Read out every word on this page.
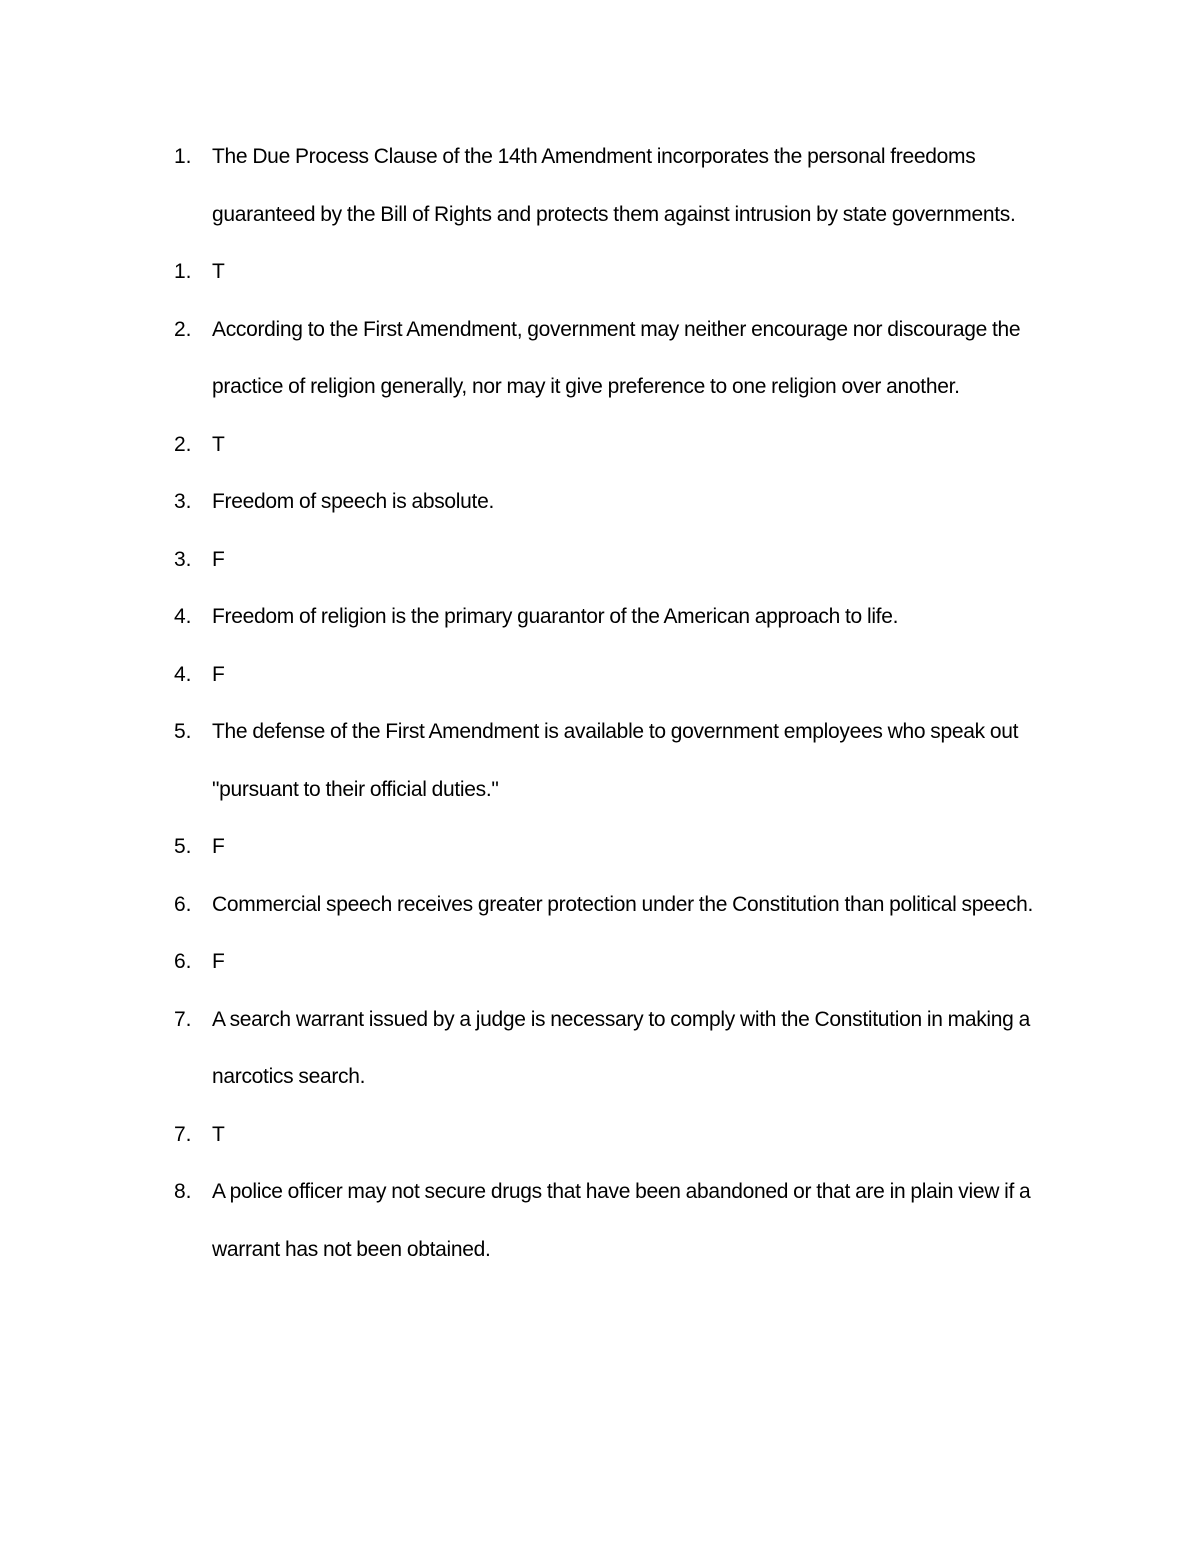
1. The Due Process Clause of the 14th Amendment incorporates the personal freedoms guaranteed by the Bill of Rights and protects them against intrusion by state governments.
1. T
2. According to the First Amendment, government may neither encourage nor discourage the practice of religion generally, nor may it give preference to one religion over another.
2. T
3. Freedom of speech is absolute.
3. F
4. Freedom of religion is the primary guarantor of the American approach to life.
4. F
5. The defense of the First Amendment is available to government employees who speak out "pursuant to their official duties."
5. F
6. Commercial speech receives greater protection under the Constitution than political speech.
6. F
7. A search warrant issued by a judge is necessary to comply with the Constitution in making a narcotics search.
7. T
8. A police officer may not secure drugs that have been abandoned or that are in plain view if a warrant has not been obtained.
